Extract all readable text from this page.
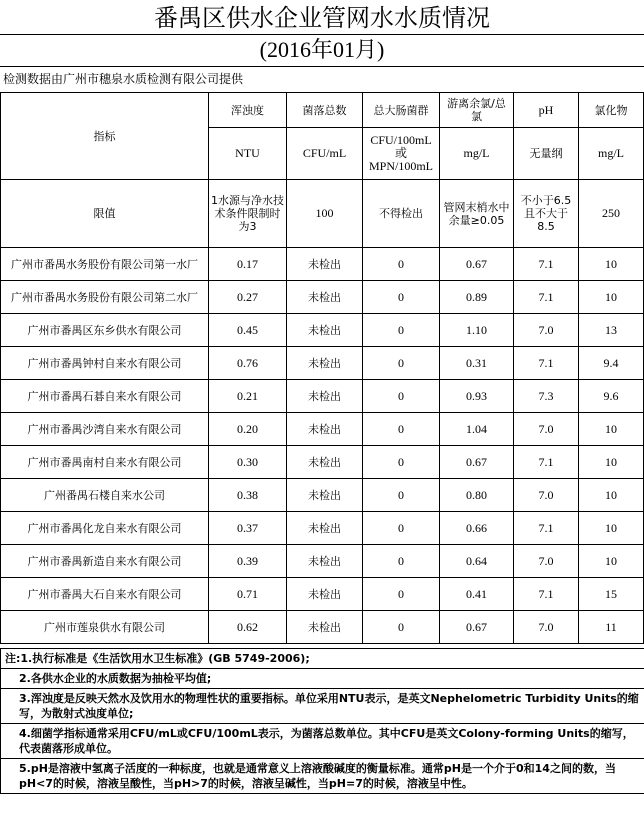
番禺区供水企业管网水水质情况
(2016年01月)
检测数据由广州市穗泉水质检测有限公司提供
指标	浑浊度	菌落总数	总大肠菌群	游离余氯/总氯	pH	氯化物
	NTU	CFU/mL	CFU/100mL 或 MPN/100mL	mg/L	无量纲	mg/L
限值	1水源与净水技术条件限制时为3	100	不得检出	管网末梢水中 余量≥0.05	不小于6.5且不大于8.5	250
广州市番禺水务股份有限公司第一水厂	0.17	未检出	0	0.67	7.1	10
广州市番禺水务股份有限公司第二水厂	0.27	未检出	0	0.89	7.1	10
广州市番禺区东乡供水有限公司	0.45	未检出	0	1.10	7.0	13
广州市番禺钟村自来水有限公司	0.76	未检出	0	0.31	7.1	9.4
广州市番禺石碁自来水有限公司	0.21	未检出	0	0.93	7.3	9.6
广州市番禺沙湾自来水有限公司	0.20	未检出	0	1.04	7.0	10
广州市番禺南村自来水有限公司	0.30	未检出	0	0.67	7.1	10
广州番禺石楼自来水公司	0.38	未检出	0	0.80	7.0	10
广州市番禺化龙自来水有限公司	0.37	未检出	0	0.66	7.1	10
广州市番禺新造自来水有限公司	0.39	未检出	0	0.64	7.0	10
广州市番禺大石自来水有限公司	0.71	未检出	0	0.41	7.1	15
广州市莲泉供水有限公司	0.62	未检出	0	0.67	7.0	11
注:1.执行标准是《生活饮用水卫生标准》(GB 5749-2006);
2.各供水企业的水质数据为抽检平均值;
3.浑浊度是反映天然水及饮用水的物理性状的重要指标。单位采用NTU表示，是英文Nephelometric Turbidity Units的缩写，为散射式浊度单位;
4.细菌学指标通常采用CFU/mL或CFU/100mL表示，为菌落总数单位。其中CFU是英文Colony-forming Units的缩写，代表菌落形成单位。
5.pH是溶液中氢离子活度的一种标度，也就是通常意义上溶液酸碱度的衡量标准。通常pH是一个介于0和14之间的数，当pH<7的时候，溶液呈酸性，当pH>7的时候，溶液呈碱性，当pH=7的时候，溶液呈中性。
